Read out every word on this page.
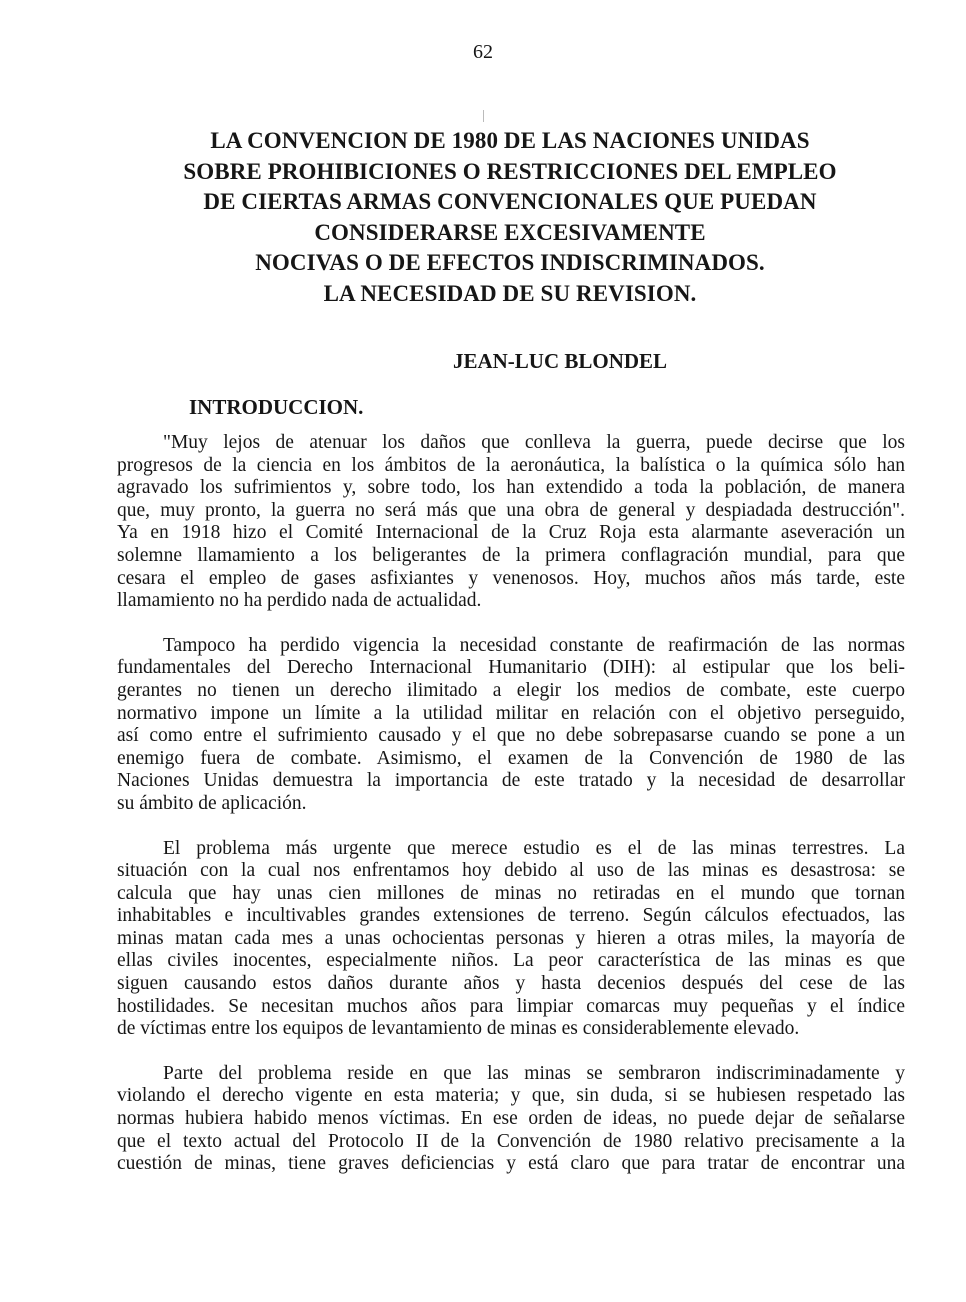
62
LA CONVENCION DE 1980 DE LAS NACIONES UNIDAS
SOBRE PROHIBICIONES O RESTRICCIONES DEL EMPLEO
DE CIERTAS ARMAS CONVENCIONALES QUE PUEDAN
CONSIDERARSE EXCESIVAMENTE
NOCIVAS O DE EFECTOS INDISCRIMINADOS.
LA NECESIDAD DE SU REVISION.
JEAN-LUC BLONDEL
INTRODUCCION.
"Muy lejos de atenuar los daños que conlleva la guerra, puede decirse que los
progresos de la ciencia en los ámbitos de la aeronáutica, la balística o la química sólo han
agravado los sufrimientos y, sobre todo, los han extendido a toda la población, de manera
que, muy pronto, la guerra no será más que una obra de general y despiadada destrucción".
Ya en 1918 hizo el Comité Internacional de la Cruz Roja esta alarmante aseveración un
solemne llamamiento a los beligerantes de la primera conflagración mundial, para que
cesara el empleo de gases asfixiantes y venenosos. Hoy, muchos años más tarde, este
llamamiento no ha perdido nada de actualidad.
Tampoco ha perdido vigencia la necesidad constante de reafirmación de las normas
fundamentales del Derecho Internacional Humanitario (DIH): al estipular que los beli-
gerantes no tienen un derecho ilimitado a elegir los medios de combate, este cuerpo
normativo impone un límite a la utilidad militar en relación con el objetivo perseguido,
así como entre el sufrimiento causado y el que no debe sobrepasarse cuando se pone a un
enemigo fuera de combate. Asimismo, el examen de la Convención de 1980 de las
Naciones Unidas demuestra la importancia de este tratado y la necesidad de desarrollar
su ámbito de aplicación.
El problema más urgente que merece estudio es el de las minas terrestres. La
situación con la cual nos enfrentamos hoy debido al uso de las minas es desastrosa: se
calcula que hay unas cien millones de minas no retiradas en el mundo que tornan
inhabitables e incultivables grandes extensiones de terreno. Según cálculos efectuados, las
minas matan cada mes a unas ochocientas personas y hieren a otras miles, la mayoría de
ellas civiles inocentes, especialmente niños. La peor característica de las minas es que
siguen causando estos daños durante años y hasta decenios después del cese de las
hostilidades. Se necesitan muchos años para limpiar comarcas muy pequeñas y el índice
de víctimas entre los equipos de levantamiento de minas es considerablemente elevado.
Parte del problema reside en que las minas se sembraron indiscriminadamente y
violando el derecho vigente en esta materia; y que, sin duda, si se hubiesen respetado las
normas hubiera habido menos víctimas. En ese orden de ideas, no puede dejar de señalarse
que el texto actual del Protocolo II de la Convención de 1980 relativo precisamente a la
cuestión de minas, tiene graves deficiencias y está claro que para tratar de encontrar una
